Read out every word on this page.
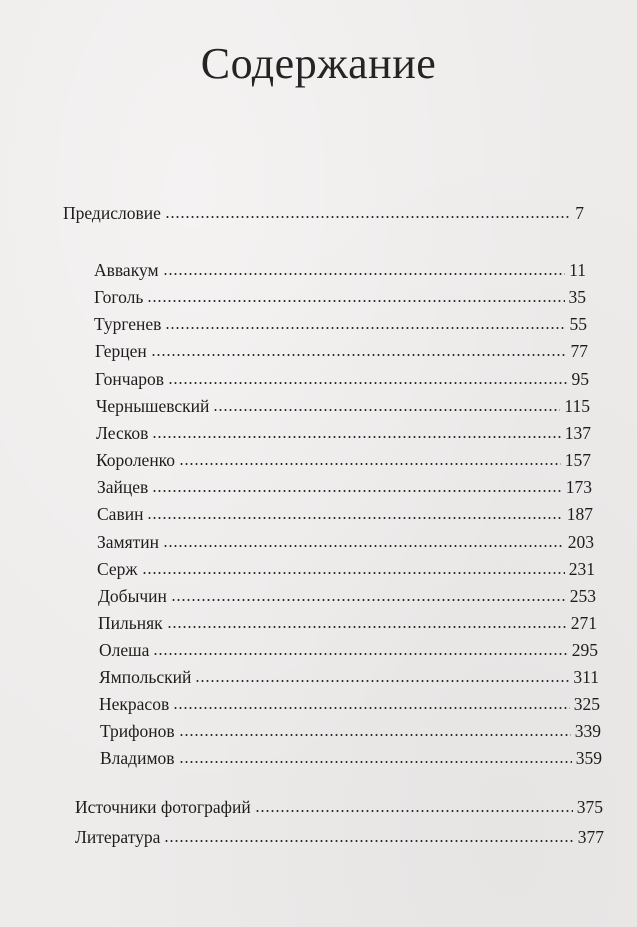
Содержание
Предисловие	7
Аввакум	11
Гоголь	35
Тургенев	55
Герцен	77
Гончаров	95
Чернышевский	115
Лесков	137
Короленко	157
Зайцев	173
Савин	187
Замятин	203
Серж	231
Добычин	253
Пильняк	271
Олеша	295
Ямпольский	311
Некрасов	325
Трифонов	339
Владимов	359
Источники фотографий	375
Литература	377
